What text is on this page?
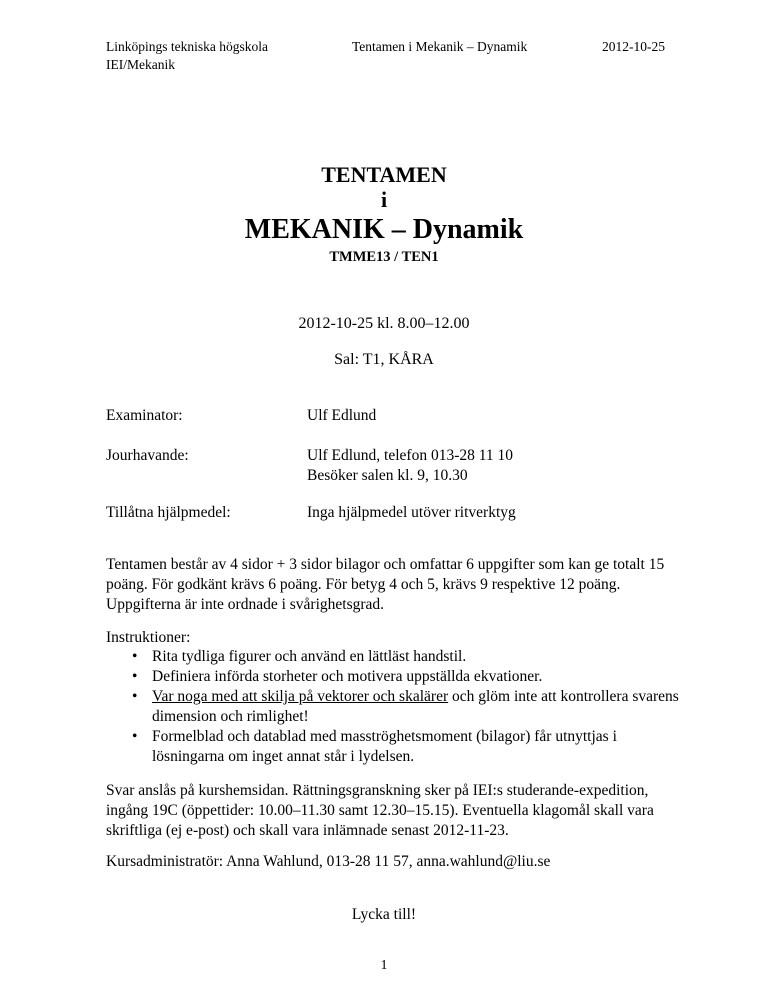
Linköpings tekniska högskola
IEI/Mekanik
Tentamen i Mekanik – Dynamik	2012-10-25
TENTAMEN
i
MEKANIK – Dynamik
TMME13 / TEN1
2012-10-25 kl. 8.00–12.00
Sal: T1, KÅRA
Examinator:	Ulf Edlund
Jourhavande:	Ulf Edlund, telefon 013-28 11 10
Besöker salen kl. 9, 10.30
Tillåtna hjälpmedel:	Inga hjälpmedel utöver ritverktyg
Tentamen består av 4 sidor + 3 sidor bilagor och omfattar 6 uppgifter som kan ge totalt 15 poäng. För godkänt krävs 6 poäng. För betyg 4 och 5, krävs 9 respektive 12 poäng. Uppgifterna är inte ordnade i svårighetsgrad.
Instruktioner:
• Rita tydliga figurer och använd en lättläst handstil.
• Definiera införda storheter och motivera uppställda ekvationer.
• Var noga med att skilja på vektorer och skalärer och glöm inte att kontrollera svarens dimension och rimlighet!
• Formelblad och datablad med masströghetsmoment (bilagor) får utnyttjas i lösningarna om inget annat står i lydelsen.
Svar anslås på kurshemsidan. Rättningsgranskning sker på IEI:s studerande-expedition, ingång 19C (öppettider: 10.00–11.30 samt 12.30–15.15). Eventuella klagomål skall vara skriftliga (ej e-post) och skall vara inlämnade senast 2012-11-23.
Kursadministratör: Anna Wahlund, 013-28 11 57, anna.wahlund@liu.se
Lycka till!
1
